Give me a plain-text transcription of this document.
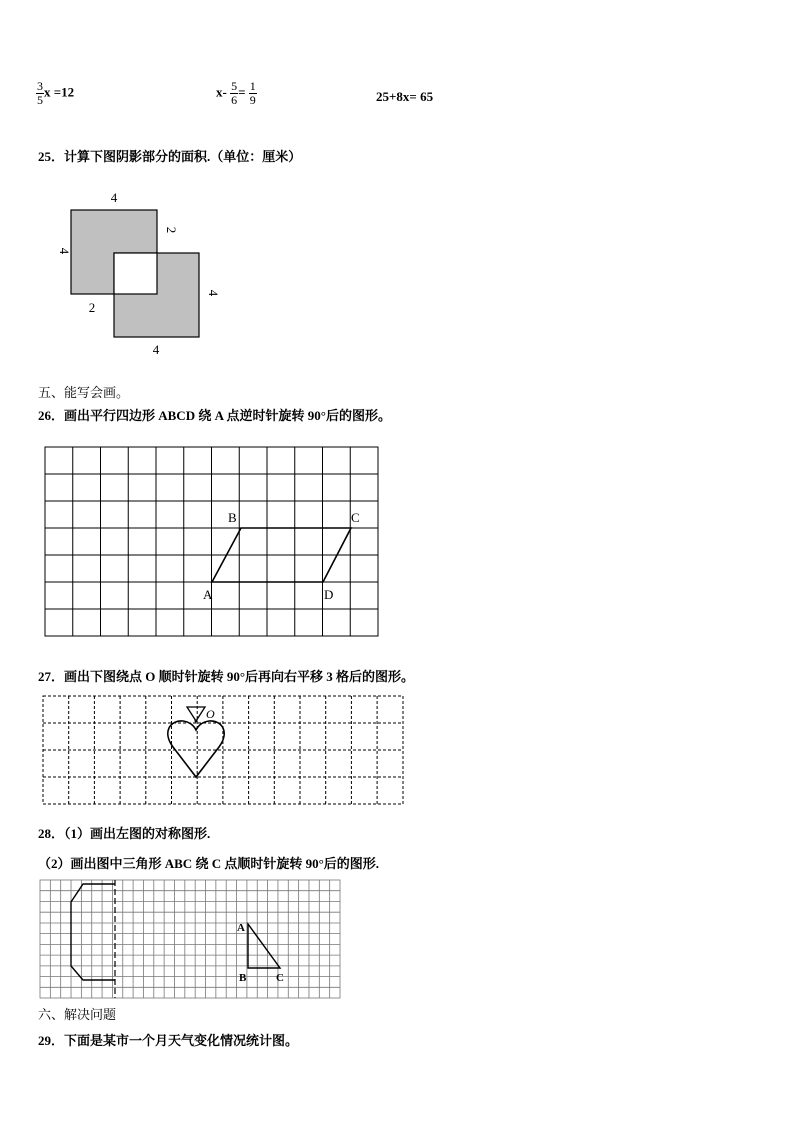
$\frac{3}{5}$ x =12	$x- \frac{5}{6} = \frac{1}{9}$	25+8x= 65
25．计算下图阴影部分的面积.（单位：厘米）
4
4
2
2
4
4
五、能写会画。
26．画出平行四边形 ABCD 绕 A 点逆时针旋转 90°后的图形。
A
B	C
D
27．画出下图绕点 O 顺时针旋转 90°后再向右平移 3 格后的图形。
O
28．（1）画出左图的对称图形.
（2）画出图中三角形 ABC 绕 C 点顺时针旋转 90°后的图形.
A
B	C
六、解决问题
29．下面是某市一个月天气变化情况统计图。
